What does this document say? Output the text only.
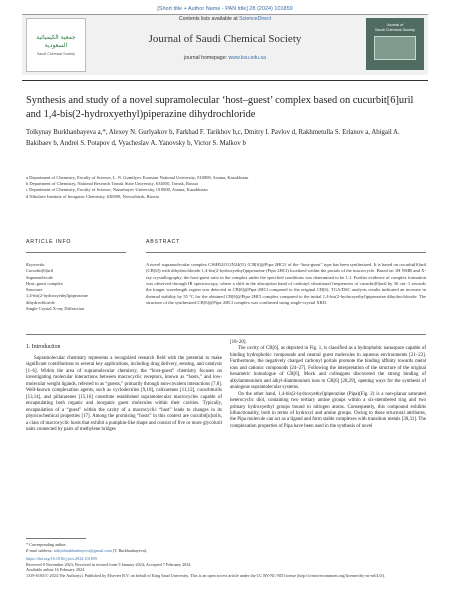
[Short title + Author Name - PAN title] 28 (2024) 101859
جمعية الكيميائية
السعودية
Saudi Chemical Society
Contents lists available at ScienceDirect
Journal of Saudi Chemical Society
journal homepage: www.ksu.edu.sa
Journal of
Saudi Chemical Society
Synthesis and study of a novel supramolecular ‘host–guest’ complex based on cucurbit[6]uril and 1,4-bis(2-hydroxyethyl)piperazine dihydrochloride
Tolkynay Burkhanbayeva a,*, Alexey N. Gurlyakov b, Farkhad F. Tarikhov b,c, Dmitry I. Pavlov d, Rakhmetulla S. Erlanov a, Abigail A. Bakibaev b, Andrei S. Potapov d, Vyacheslav A. Yanovsky b, Victor S. Malkov b
a Department of Chemistry, Faculty of Science, L. N. Gumilyov Eurasian National University, 010008, Astana, Kazakhstan
b Department of Chemistry, National Research Tomsk State University, 634050, Tomsk, Russia
c Department of Chemistry, Faculty of Science, Nazarbayev University, 010000, Astana, Kazakhstan
d Nikolaev Institute of Inorganic Chemistry, 630090, Novosibirsk, Russia
ARTICLE INFO	ABSTRACT
Keywords:
Cucurbit[6]uril
Supramolecule
Host–guest complex
Structure
1,4-bis(2-hydroxyethyl)piperazine
dihydrochloride
Single Crystal X-ray Diffraction
A novel supramolecular complex C36H52O12N24(O) {CB[6]@Pipa·2HCl} of the “host-guest” type has been synthesized. It is based on cucurbit[6]uril (CB[6]) with dihydrochloride 1,4-bis(2-hydroxyethyl)piperazine (Pipa·2HCl) localized within the portals of the macrocycle. Based on 1H NMR and X-ray crystallography, the host-guest ratio in the complex under the specified conditions was determined to be 1:1. Further evidence of complex formation was observed through IR spectroscopy, where a shift in the absorption band of carbonyl vibrational frequencies of cucurbit[6]uril by 36 cm−1 towards the longer wavelength region was detected in CB[6]@Pipa·2HCl compared to the original CB[6]. TGA/DSC analysis results indicated an increase in thermal stability by 55 °C for the obtained CB[6]@Pipa·2HCl complex compared to the initial 1,4-bis(2-hydroxyethyl)piperazine dihydrochloride. The structure of the synthesized CB[6]@Pipa·2HCl complex was confirmed using single-crystal XRD.
1. Introduction
Supramolecular chemistry represents a recognized research field with the potential to make significant contributions to several key applications, including drug delivery, sensing, and catalysis [1–6]. Within the area of supramolecular chemistry, the “host-guest” chemistry focuses on investigating molecular interactions between macrocyclic receptors, known as “hosts,” and low-molecular weight ligands, referred to as “guests,” primarily through non-covalent interactions [7,8]. Well-known complexation agents, such as cyclodextrins [9,10], calixarenes [11,12], cucurbiturils [13,14], and pillararenes [15,16] constitute established supramolecular macrocycles capable of encapsulating both organic and inorganic guest molecules within their cavities. Typically, encapsulation of a “guest” within the cavity of a macrocyclic “host” leads to changes in its physicochemical properties [17]. Among the promising “hosts” in this context are cucurbit[n]urils, a class of macrocyclic hosts that exhibit a pumpkin-like shape and consist of five or more glycoluril units connected by pairs of methylene bridges
[18–20].
The cavity of CB[6], as depicted in Fig. 1, is classified as a hydrophobic nanospace capable of binding hydrophobic compounds and neutral guest molecules in aqueous environments [21–23]. Furthermore, the negatively charged carbonyl portals promote the binding affinity towards metal ions and cationic compounds [24–27]. Following the interpretation of the structure of the original hexameric homologue of CB[6], Mock and colleagues discovered the strong binding of alkylammonium and alkyl-diammonium ions to CB[6] [28,29], opening ways for the synthesis of analogous supramolecular systems.
On the other hand, 1,4-bis(2-hydroxyethyl)piperazine (Pipa)(Fig. 2) is a non-planar saturated heterocyclic diol, containing two tertiary amine groups within a six-membered ring and two primary hydroxyethyl groups bound to nitrogen atoms. Consequently, this compound exhibits bifunctionality, both in terms of hydroxyl and amine groups. Owing to these structural attributes, the Pipa molecule can act as a ligand and form stable complexes with transition metals [30,31]. The complexation properties of Pipa have been used in the synthesis of novel
* Corresponding author.
E-mail address: tolkynburkhanbayeva@gmail.com (T. Burkhanbayeva).
https://doi.org/10.1016/j.jscs.2024.101859
Received 8 November 2023; Received in revised form 9 January 2024; Accepted 7 February 2024
Available online 16 February 2024
1319-6103/© 2024 The Author(s). Published by Elsevier B.V. on behalf of King Saud University. This is an open access article under the CC BY-NC-ND license (http://creativecommons.org/licenses/by-nc-nd/4.0/).
